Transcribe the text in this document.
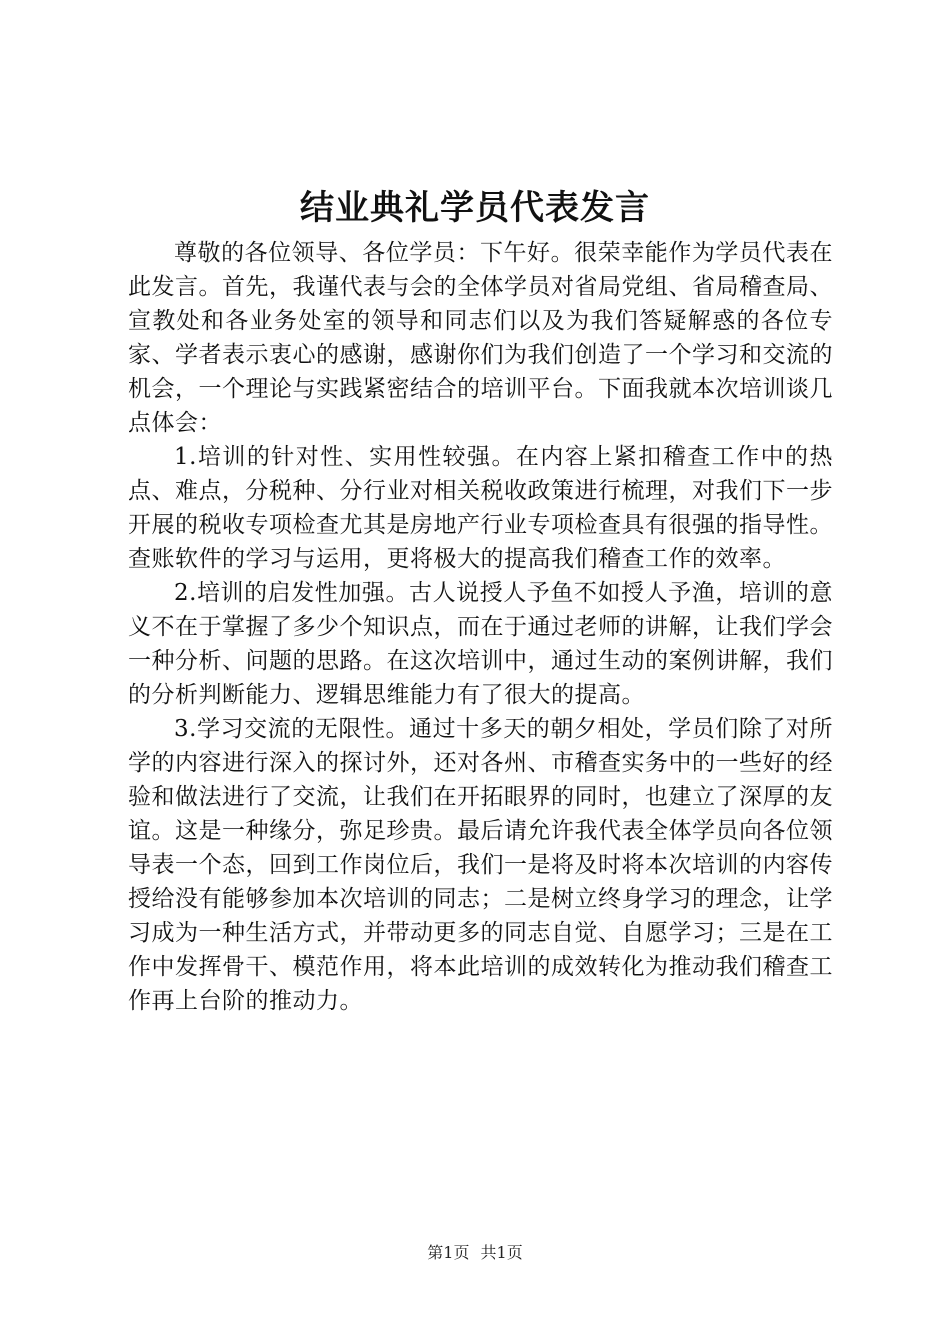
结业典礼学员代表发言

尊敬的各位领导、各位学员：下午好。很荣幸能作为学员代表在此发言。首先，我谨代表与会的全体学员对省局党组、省局稽查局、宣教处和各业务处室的领导和同志们以及为我们答疑解惑的各位专家、学者表示衷心的感谢，感谢你们为我们创造了一个学习和交流的机会，一个理论与实践紧密结合的培训平台。下面我就本次培训谈几点体会：

1.培训的针对性、实用性较强。在内容上紧扣稽查工作中的热点、难点，分税种、分行业对相关税收政策进行梳理，对我们下一步开展的税收专项检查尤其是房地产行业专项检查具有很强的指导性。查账软件的学习与运用，更将极大的提高我们稽查工作的效率。

2.培训的启发性加强。古人说授人予鱼不如授人予渔，培训的意义不在于掌握了多少个知识点，而在于通过老师的讲解，让我们学会一种分析、问题的思路。在这次培训中，通过生动的案例讲解，我们的分析判断能力、逻辑思维能力有了很大的提高。

3.学习交流的无限性。通过十多天的朝夕相处，学员们除了对所学的内容进行深入的探讨外，还对各州、市稽查实务中的一些好的经验和做法进行了交流，让我们在开拓眼界的同时，也建立了深厚的友谊。这是一种缘分，弥足珍贵。最后请允许我代表全体学员向各位领导表一个态，回到工作岗位后，我们一是将及时将本次培训的内容传授给没有能够参加本次培训的同志；二是树立终身学习的理念，让学习成为一种生活方式，并带动更多的同志自觉、自愿学习；三是在工作中发挥骨干、模范作用，将本此培训的成效转化为推动我们稽查工作再上台阶的推动力。

第1页 共1页
